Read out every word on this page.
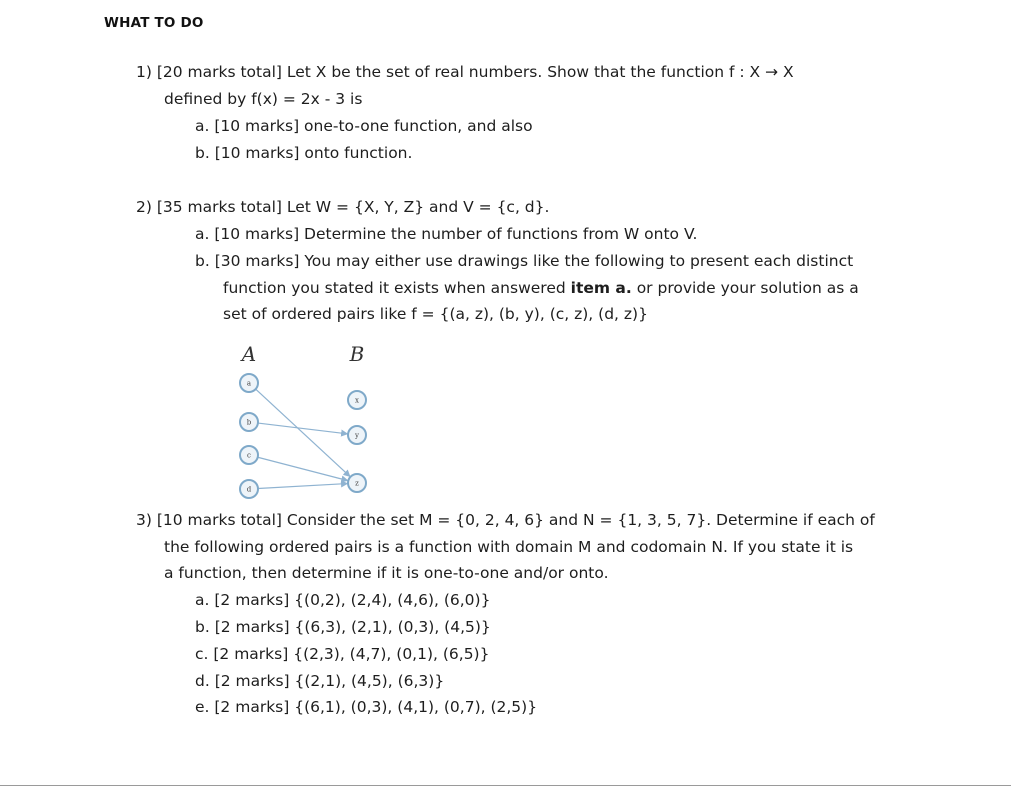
WHAT TO DO
1) [20 marks total] Let X be the set of real numbers. Show that the function f : X → X
defined by f(x) = 2x - 3 is
a. [10 marks] one-to-one function, and also
b. [10 marks] onto function.
2) [35 marks total] Let W = {X, Y, Z} and V = {c, d}.
a. [10 marks] Determine the number of functions from W onto V.
b. [30 marks] You may either use drawings like the following to present each distinct
function you stated it exists when answered item a. or provide your solution as a
set of ordered pairs like f = {(a, z), (b, y), (c, z), (d, z)}
A	B
a
b
c
d
x
y
z
3) [10 marks total] Consider the set M = {0, 2, 4, 6} and N = {1, 3, 5, 7}. Determine if each of
the following ordered pairs is a function with domain M and codomain N. If you state it is
a function, then determine if it is one-to-one and/or onto.
a. [2 marks] {(0,2), (2,4), (4,6), (6,0)}
b. [2 marks] {(6,3), (2,1), (0,3), (4,5)}
c. [2 marks] {(2,3), (4,7), (0,1), (6,5)}
d. [2 marks] {(2,1), (4,5), (6,3)}
e. [2 marks] {(6,1), (0,3), (4,1), (0,7), (2,5)}
